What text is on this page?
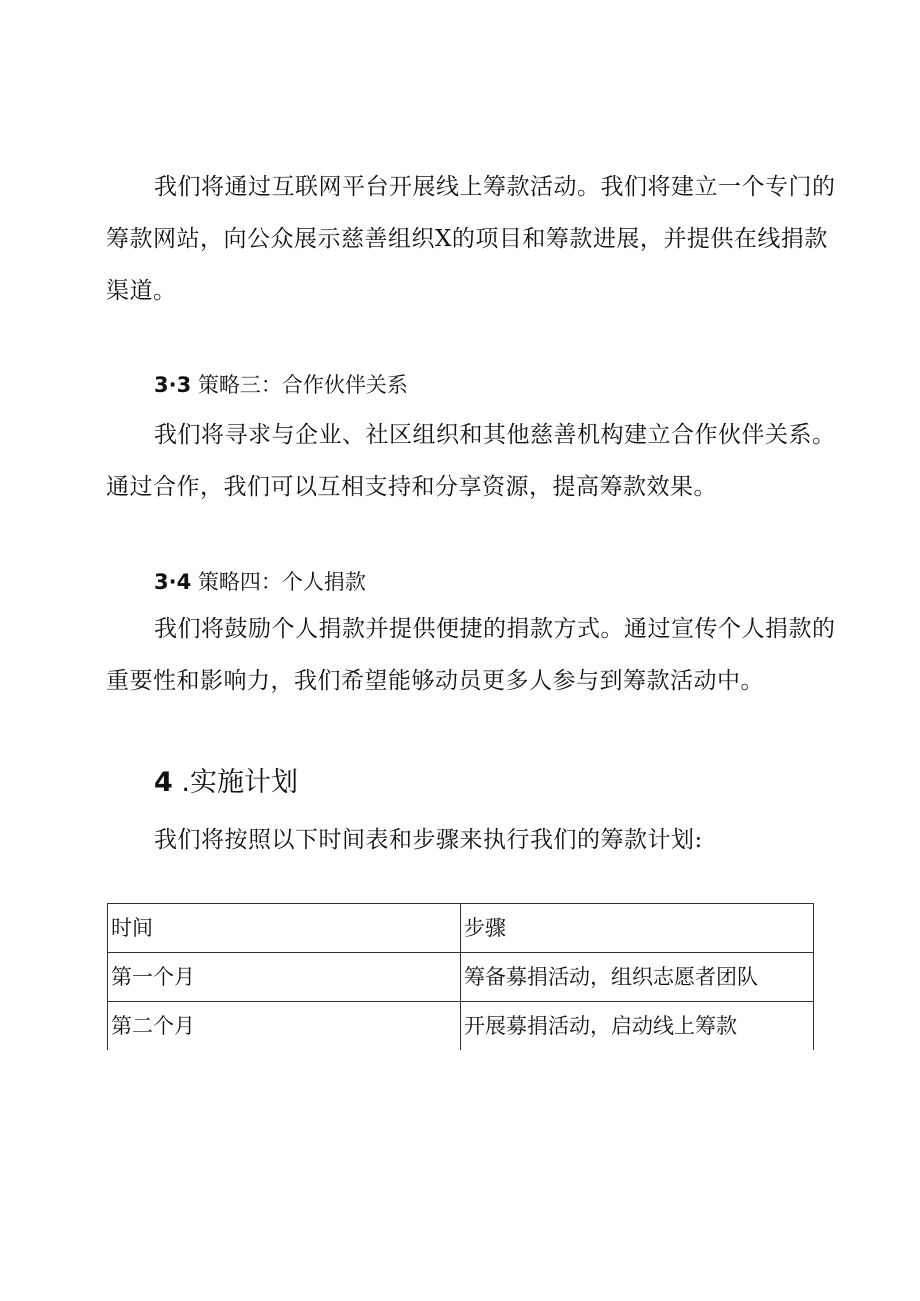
我们将通过互联网平台开展线上筹款活动。我们将建立一个专门的筹款网站，向公众展示慈善组织X的项目和筹款进展，并提供在线捐款渠道。

3·3 策略三：合作伙伴关系

我们将寻求与企业、社区组织和其他慈善机构建立合作伙伴关系。通过合作，我们可以互相支持和分享资源，提高筹款效果。

3·4 策略四：个人捐款

我们将鼓励个人捐款并提供便捷的捐款方式。通过宣传个人捐款的重要性和影响力，我们希望能够动员更多人参与到筹款活动中。

4 .实施计划

我们将按照以下时间表和步骤来执行我们的筹款计划:

时间	步骤
第一个月	筹备募捐活动，组织志愿者团队
第二个月	开展募捐活动，启动线上筹款
